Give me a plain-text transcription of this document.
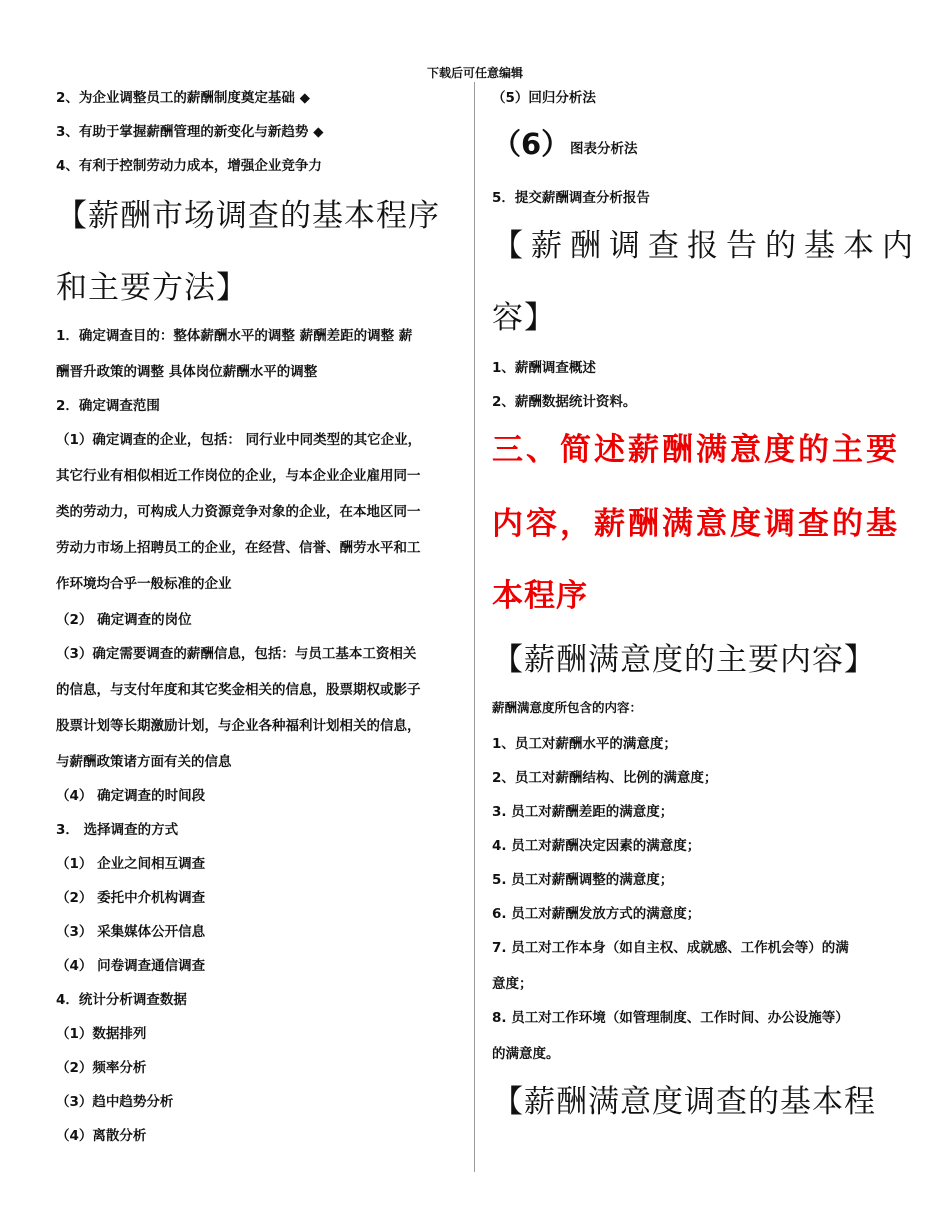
下载后可任意编辑
2、为企业调整员工的薪酬制度奠定基础 ◆
3、有助于掌握薪酬管理的新变化与新趋势 ◆
4、有利于控制劳动力成本，增强企业竞争力
【薪酬市场调查的基本程序
和主要方法】
1．确定调查目的：整体薪酬水平的调整 薪酬差距的调整 薪
酬晋升政策的调整 具体岗位薪酬水平的调整
2．确定调查范围
（1）确定调查的企业，包括： 同行业中同类型的其它企业，
其它行业有相似相近工作岗位的企业，与本企业企业雇用同一
类的劳动力，可构成人力资源竞争对象的企业，在本地区同一
劳动力市场上招聘员工的企业，在经营、信誉、酬劳水平和工
作环境均合乎一般标准的企业
（2） 确定调查的岗位
（3）确定需要调查的薪酬信息，包括：与员工基本工资相关
的信息，与支付年度和其它奖金相关的信息，股票期权或影子
股票计划等长期激励计划，与企业各种福利计划相关的信息，
与薪酬政策诸方面有关的信息
（4） 确定调查的时间段
3． 选择调查的方式
（1） 企业之间相互调查
（2） 委托中介机构调查
（3） 采集媒体公开信息
（4） 问卷调查通信调查
4．统计分析调查数据
（1）数据排列
（2）频率分析
（3）趋中趋势分析
（4）离散分析
（5）回归分析法
（6） 图表分析法
5．提交薪酬调查分析报告
【薪酬调查报告的基本内
容】
1、薪酬调查概述
2、薪酬数据统计资料。
三、简述薪酬满意度的主要
内容，薪酬满意度调查的基
本程序
【薪酬满意度的主要内容】
薪酬满意度所包含的内容：
1、员工对薪酬水平的满意度；
2、员工对薪酬结构、比例的满意度；
3. 员工对薪酬差距的满意度；
4. 员工对薪酬决定因素的满意度；
5. 员工对薪酬调整的满意度；
6. 员工对薪酬发放方式的满意度；
7. 员工对工作本身（如自主权、成就感、工作机会等）的满
意度；
8. 员工对工作环境（如管理制度、工作时间、办公设施等）
的满意度。
【薪酬满意度调查的基本程
